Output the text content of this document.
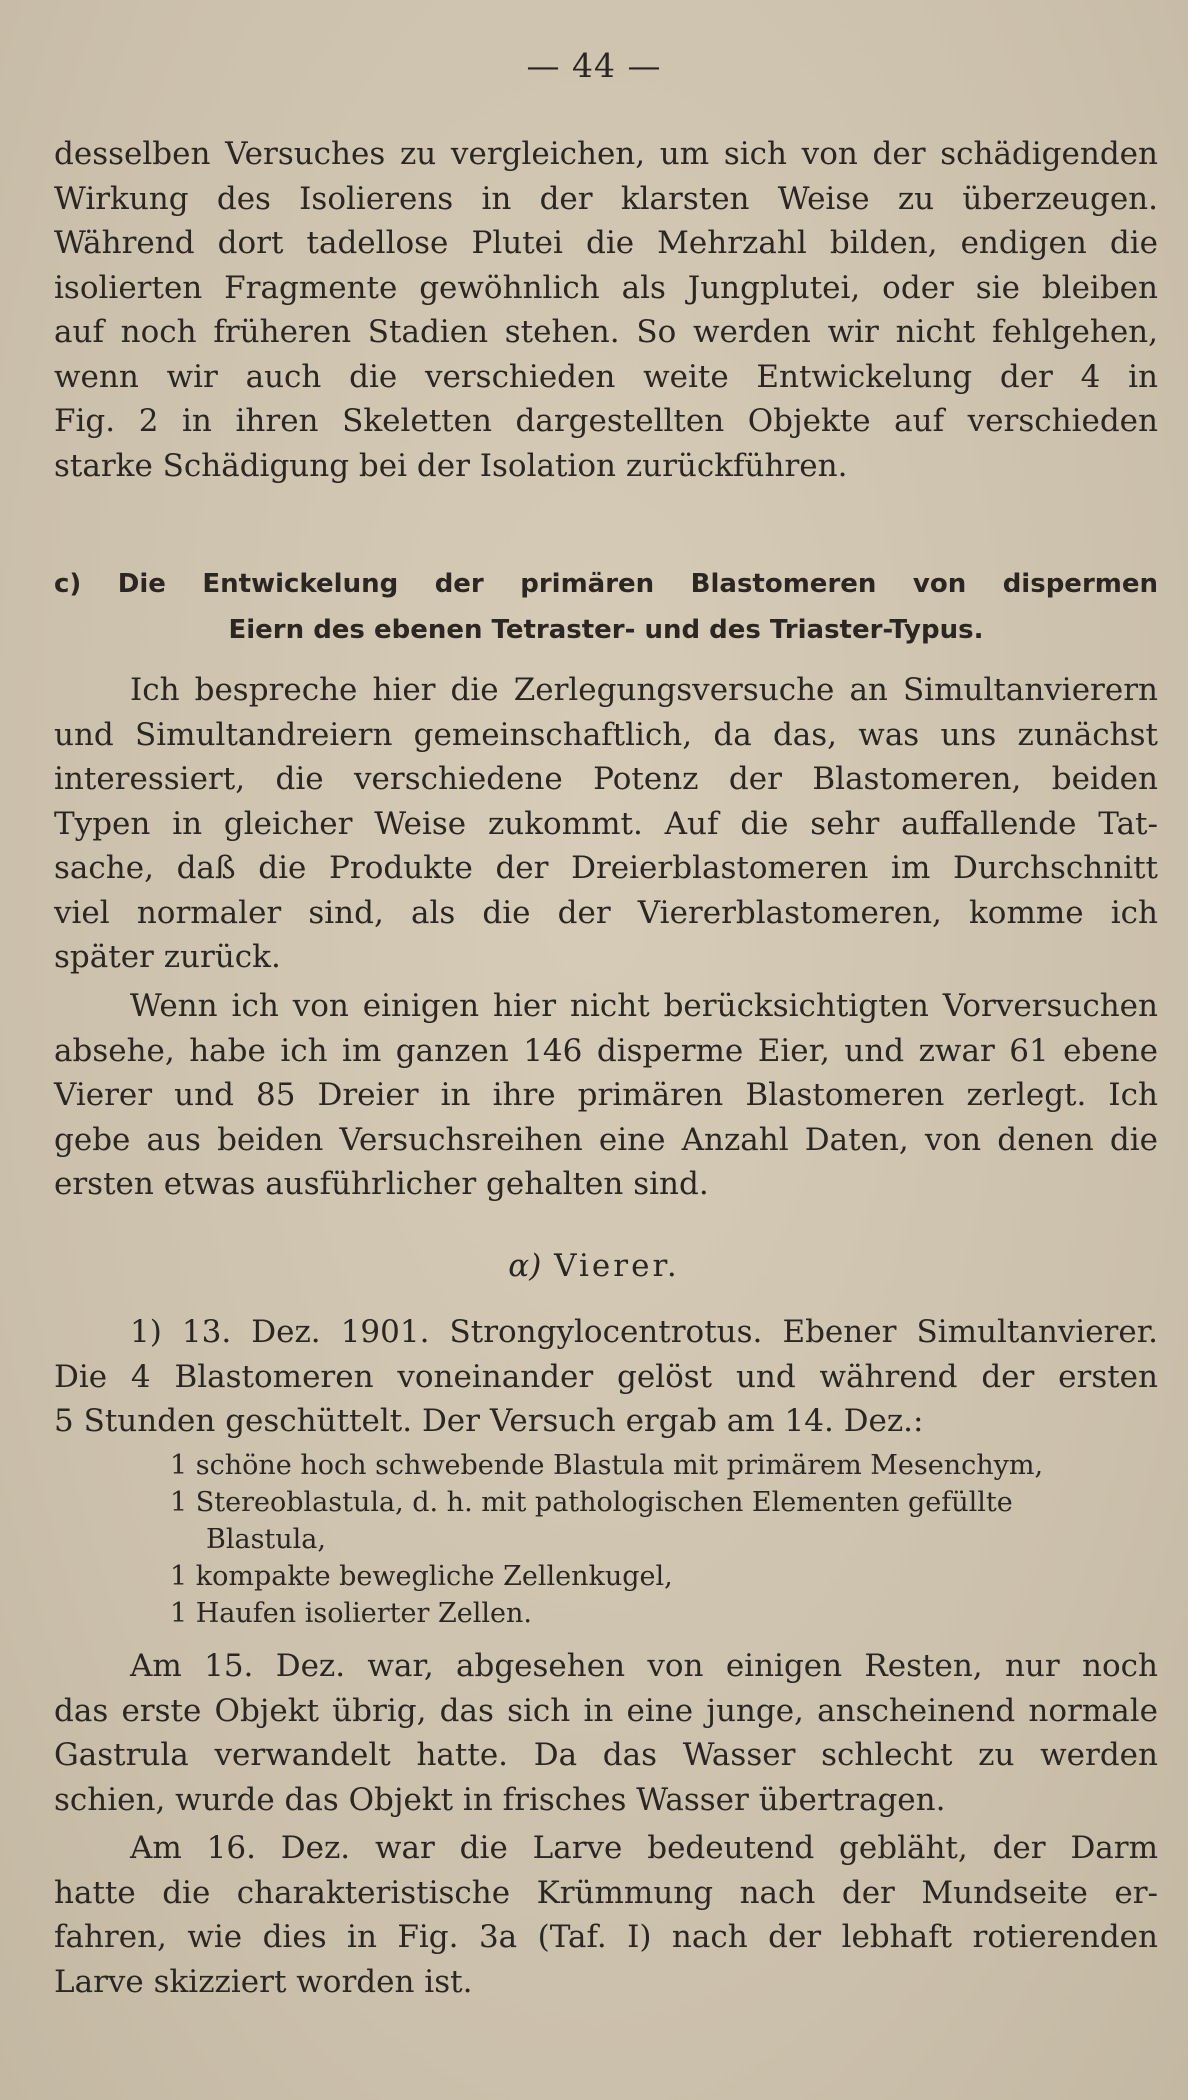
— 44 —
desselben Versuches zu vergleichen, um sich von der schädigenden
Wirkung des Isolierens in der klarsten Weise zu überzeugen.
Während dort tadellose Plutei die Mehrzahl bilden, endigen die
isolierten Fragmente gewöhnlich als Jungplutei, oder sie bleiben
auf noch früheren Stadien stehen. So werden wir nicht fehlgehen,
wenn wir auch die verschieden weite Entwickelung der 4 in
Fig. 2 in ihren Skeletten dargestellten Objekte auf verschieden
starke Schädigung bei der Isolation zurückführen.
c) Die Entwickelung der primären Blastomeren von dispermen
Eiern des ebenen Tetraster- und des Triaster-Typus.
Ich bespreche hier die Zerlegungsversuche an Simultanvierern
und Simultandreiern gemeinschaftlich, da das, was uns zunächst
interessiert, die verschiedene Potenz der Blastomeren, beiden
Typen in gleicher Weise zukommt. Auf die sehr auffallende Tat-
sache, daß die Produkte der Dreierblastomeren im Durchschnitt
viel normaler sind, als die der Viererblastomeren, komme ich
später zurück.
Wenn ich von einigen hier nicht berücksichtigten Vorversuchen
absehe, habe ich im ganzen 146 disperme Eier, und zwar 61 ebene
Vierer und 85 Dreier in ihre primären Blastomeren zerlegt. Ich
gebe aus beiden Versuchsreihen eine Anzahl Daten, von denen die
ersten etwas ausführlicher gehalten sind.
α) Vierer.
1) 13. Dez. 1901. Strongylocentrotus. Ebener Simultanvierer.
Die 4 Blastomeren voneinander gelöst und während der ersten
5 Stunden geschüttelt. Der Versuch ergab am 14. Dez.:
1 schöne hoch schwebende Blastula mit primärem Mesenchym,
1 Stereoblastula, d. h. mit pathologischen Elementen gefüllte
Blastula,
1 kompakte bewegliche Zellenkugel,
1 Haufen isolierter Zellen.
Am 15. Dez. war, abgesehen von einigen Resten, nur noch
das erste Objekt übrig, das sich in eine junge, anscheinend normale
Gastrula verwandelt hatte. Da das Wasser schlecht zu werden
schien, wurde das Objekt in frisches Wasser übertragen.
Am 16. Dez. war die Larve bedeutend gebläht, der Darm
hatte die charakteristische Krümmung nach der Mundseite er-
fahren, wie dies in Fig. 3a (Taf. I) nach der lebhaft rotierenden
Larve skizziert worden ist.
